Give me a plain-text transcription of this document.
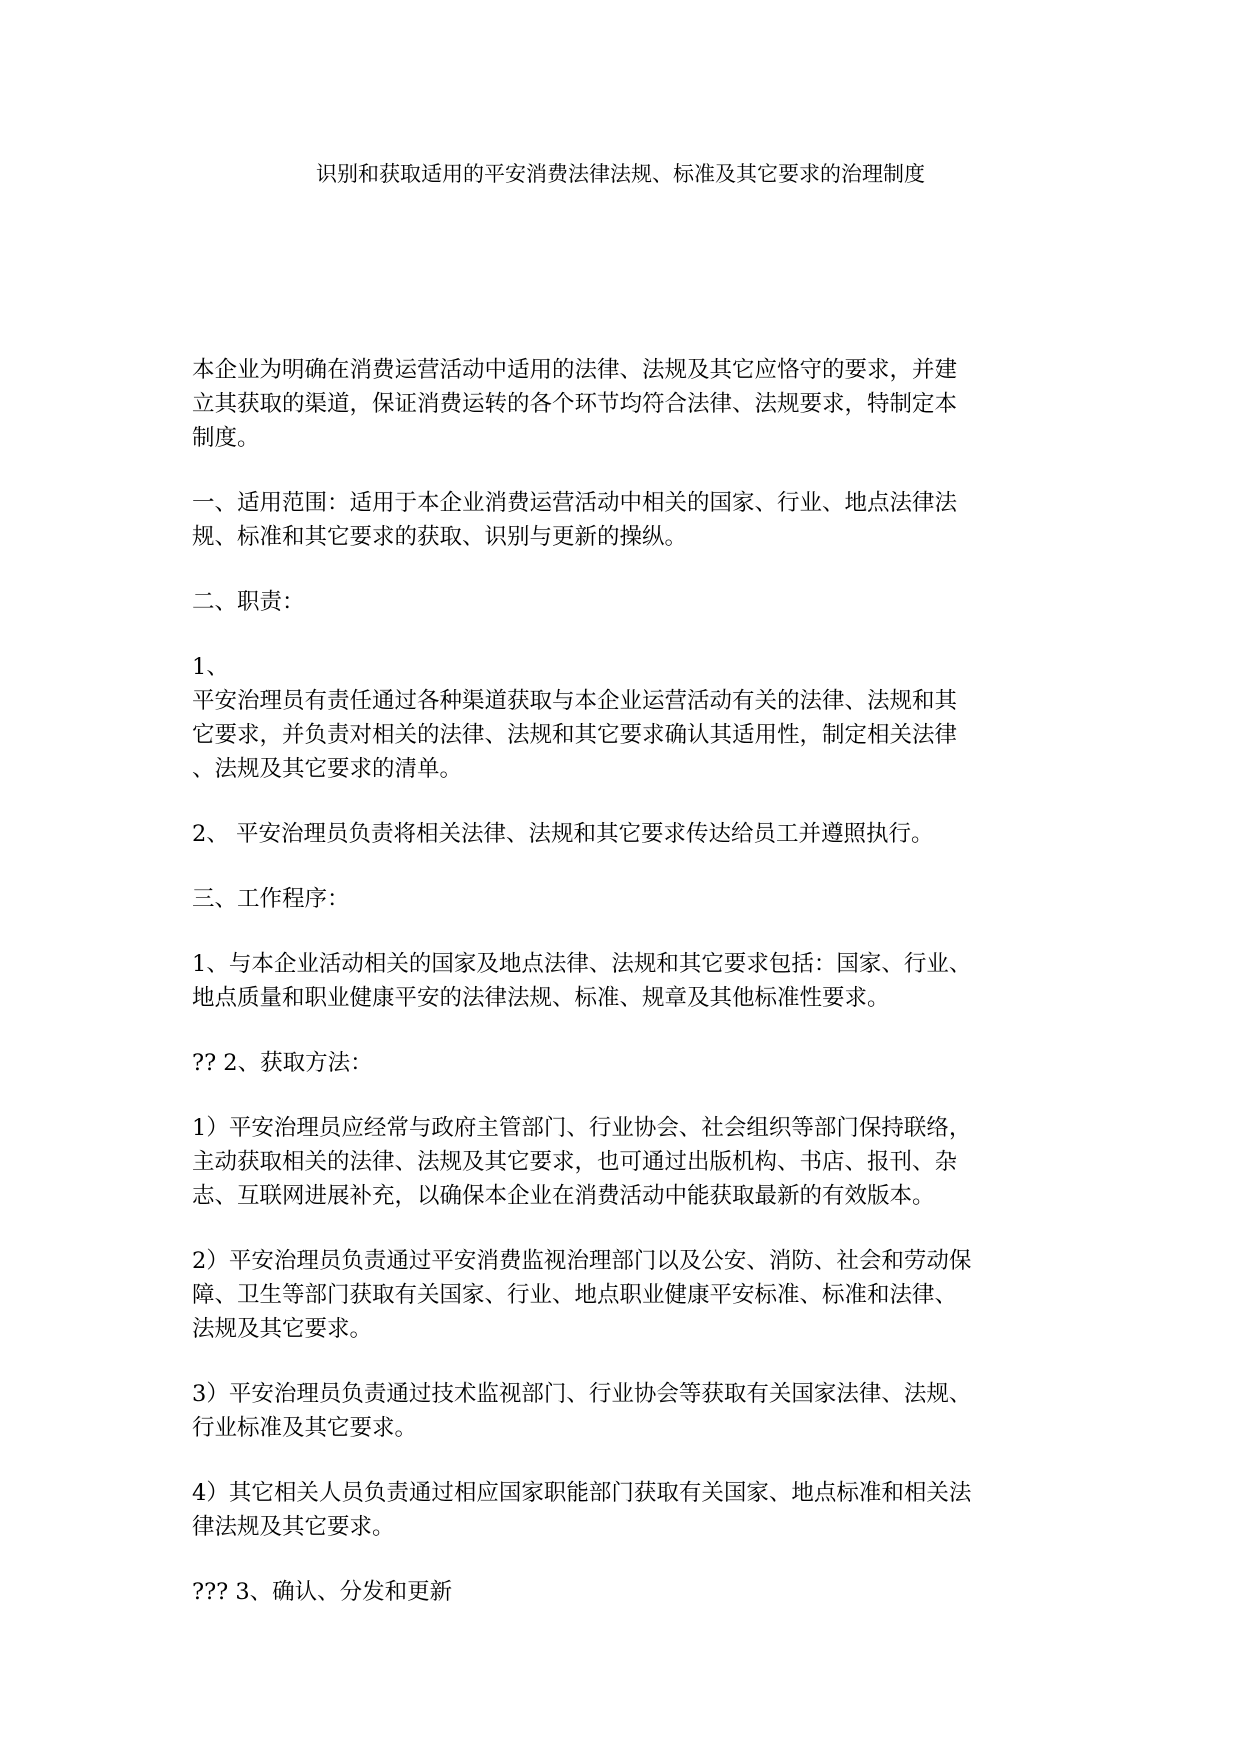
识别和获取适用的平安消费法律法规、标准及其它要求的治理制度

本企业为明确在消费运营活动中适用的法律、法规及其它应恪守的要求，并建
立其获取的渠道，保证消费运转的各个环节均符合法律、法规要求，特制定本
制度。

一、适用范围：适用于本企业消费运营活动中相关的国家、行业、地点法律法
规、标准和其它要求的获取、识别与更新的操纵。

二、职责：

1、
平安治理员有责任通过各种渠道获取与本企业运营活动有关的法律、法规和其
它要求，并负责对相关的法律、法规和其它要求确认其适用性，制定相关法律
、法规及其它要求的清单。

2、 平安治理员负责将相关法律、法规和其它要求传达给员工并遵照执行。

三、工作程序：

1、与本企业活动相关的国家及地点法律、法规和其它要求包括：国家、行业、
地点质量和职业健康平安的法律法规、标准、规章及其他标准性要求。

?? 2、获取方法：

1）平安治理员应经常与政府主管部门、行业协会、社会组织等部门保持联络，
主动获取相关的法律、法规及其它要求，也可通过出版机构、书店、报刊、杂
志、互联网进展补充，以确保本企业在消费活动中能获取最新的有效版本。

2）平安治理员负责通过平安消费监视治理部门以及公安、消防、社会和劳动保
障、卫生等部门获取有关国家、行业、地点职业健康平安标准、标准和法律、
法规及其它要求。

3）平安治理员负责通过技术监视部门、行业协会等获取有关国家法律、法规、
行业标准及其它要求。

4）其它相关人员负责通过相应国家职能部门获取有关国家、地点标准和相关法
律法规及其它要求。

??? 3、确认、分发和更新
